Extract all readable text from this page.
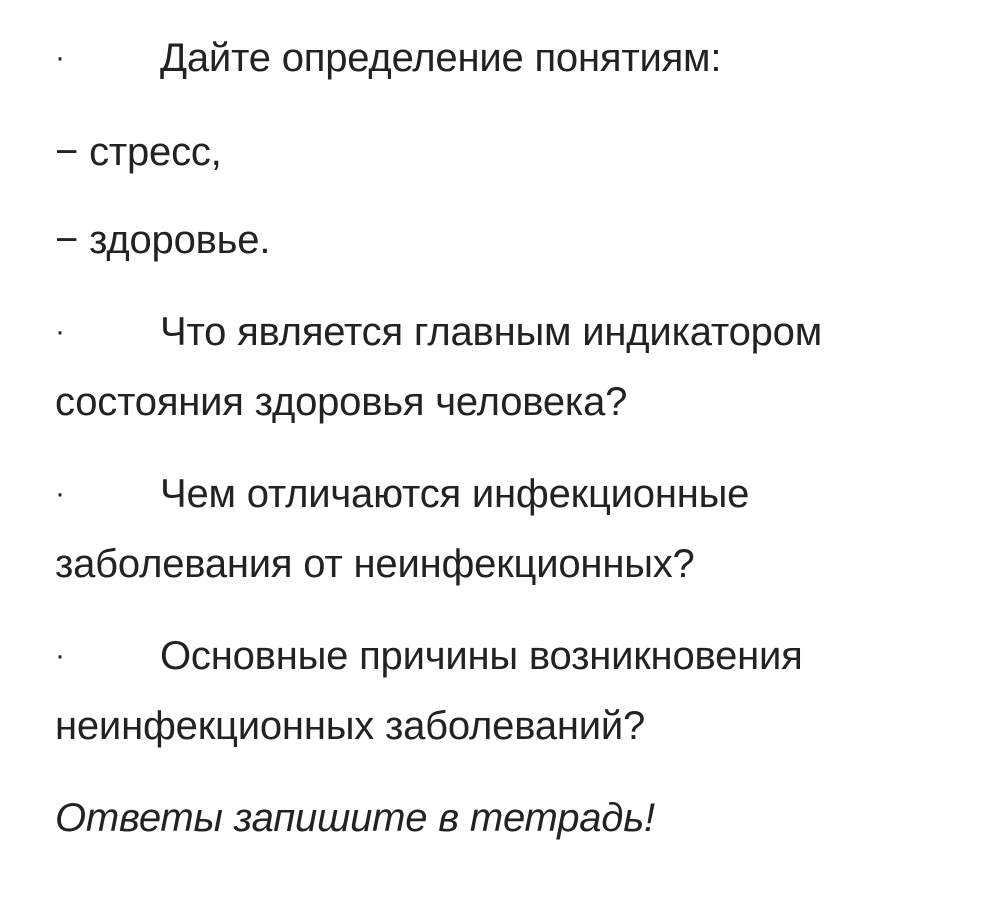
· Дайте определение понятиям:
− стресс,
− здоровье.
· Что является главным индикатором
состояния здоровья человека?
· Чем отличаются инфекционные
заболевания от неинфекционных?
· Основные причины возникновения
неинфекционных заболеваний?
Ответы запишите в тетрадь!
